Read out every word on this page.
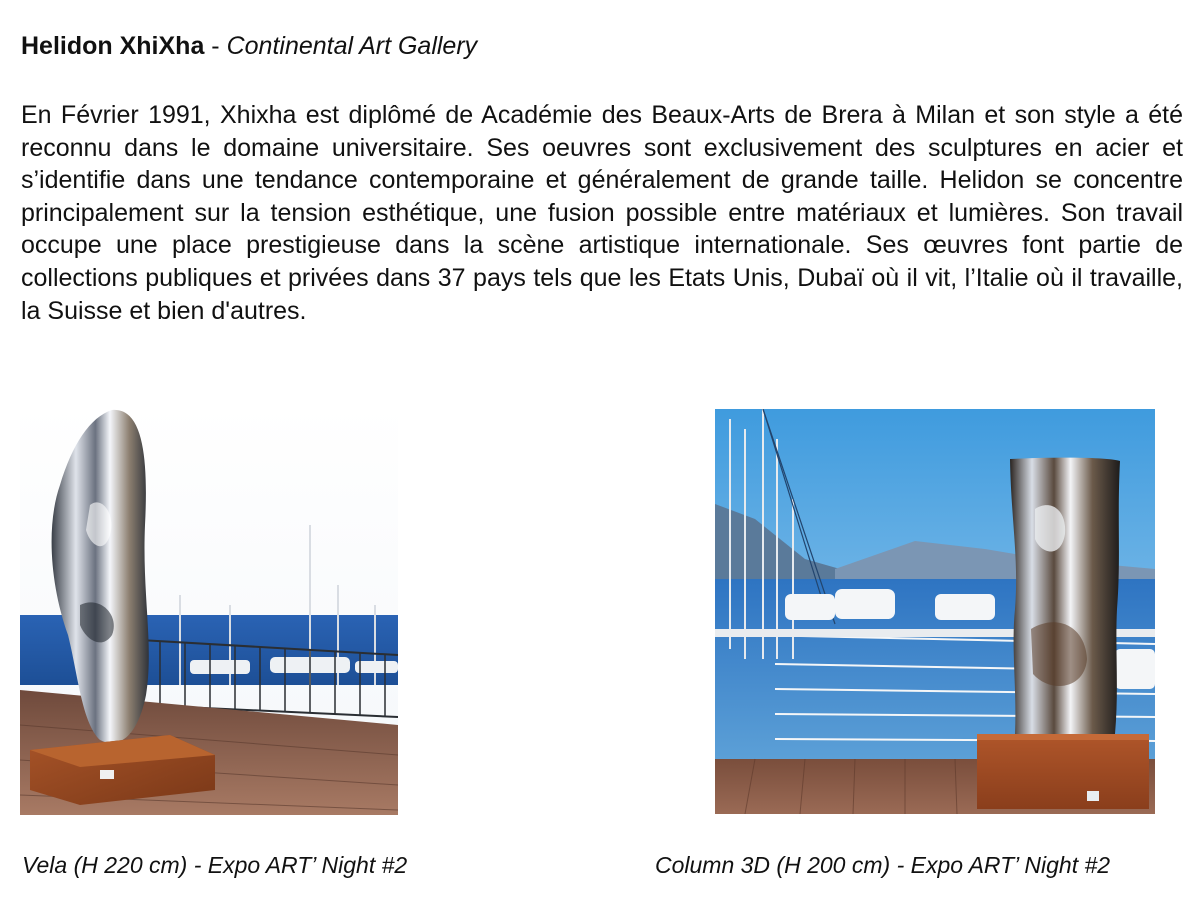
Helidon XhiXha - Continental Art Gallery

En Février 1991, Xhixha est diplômé de Académie des Beaux-Arts de Brera à Milan et son style a été reconnu dans le domaine universitaire. Ses oeuvres sont exclusivement des sculptures en acier et s’identifie dans une tendance contemporaine et généralement de grande taille. Helidon se concentre principalement sur la tension esthétique, une fusion possible entre matériaux et lumières. Son travail occupe une place prestigieuse dans la scène artistique internationale. Ses œuvres font partie de collections publiques et privées dans 37 pays tels que les Etats Unis, Dubaï où il vit, l’Italie où il travaille, la Suisse et bien d'autres.

Vela (H 220 cm) - Expo ART’ Night #2	Column 3D (H 200 cm) - Expo ART’ Night #2
